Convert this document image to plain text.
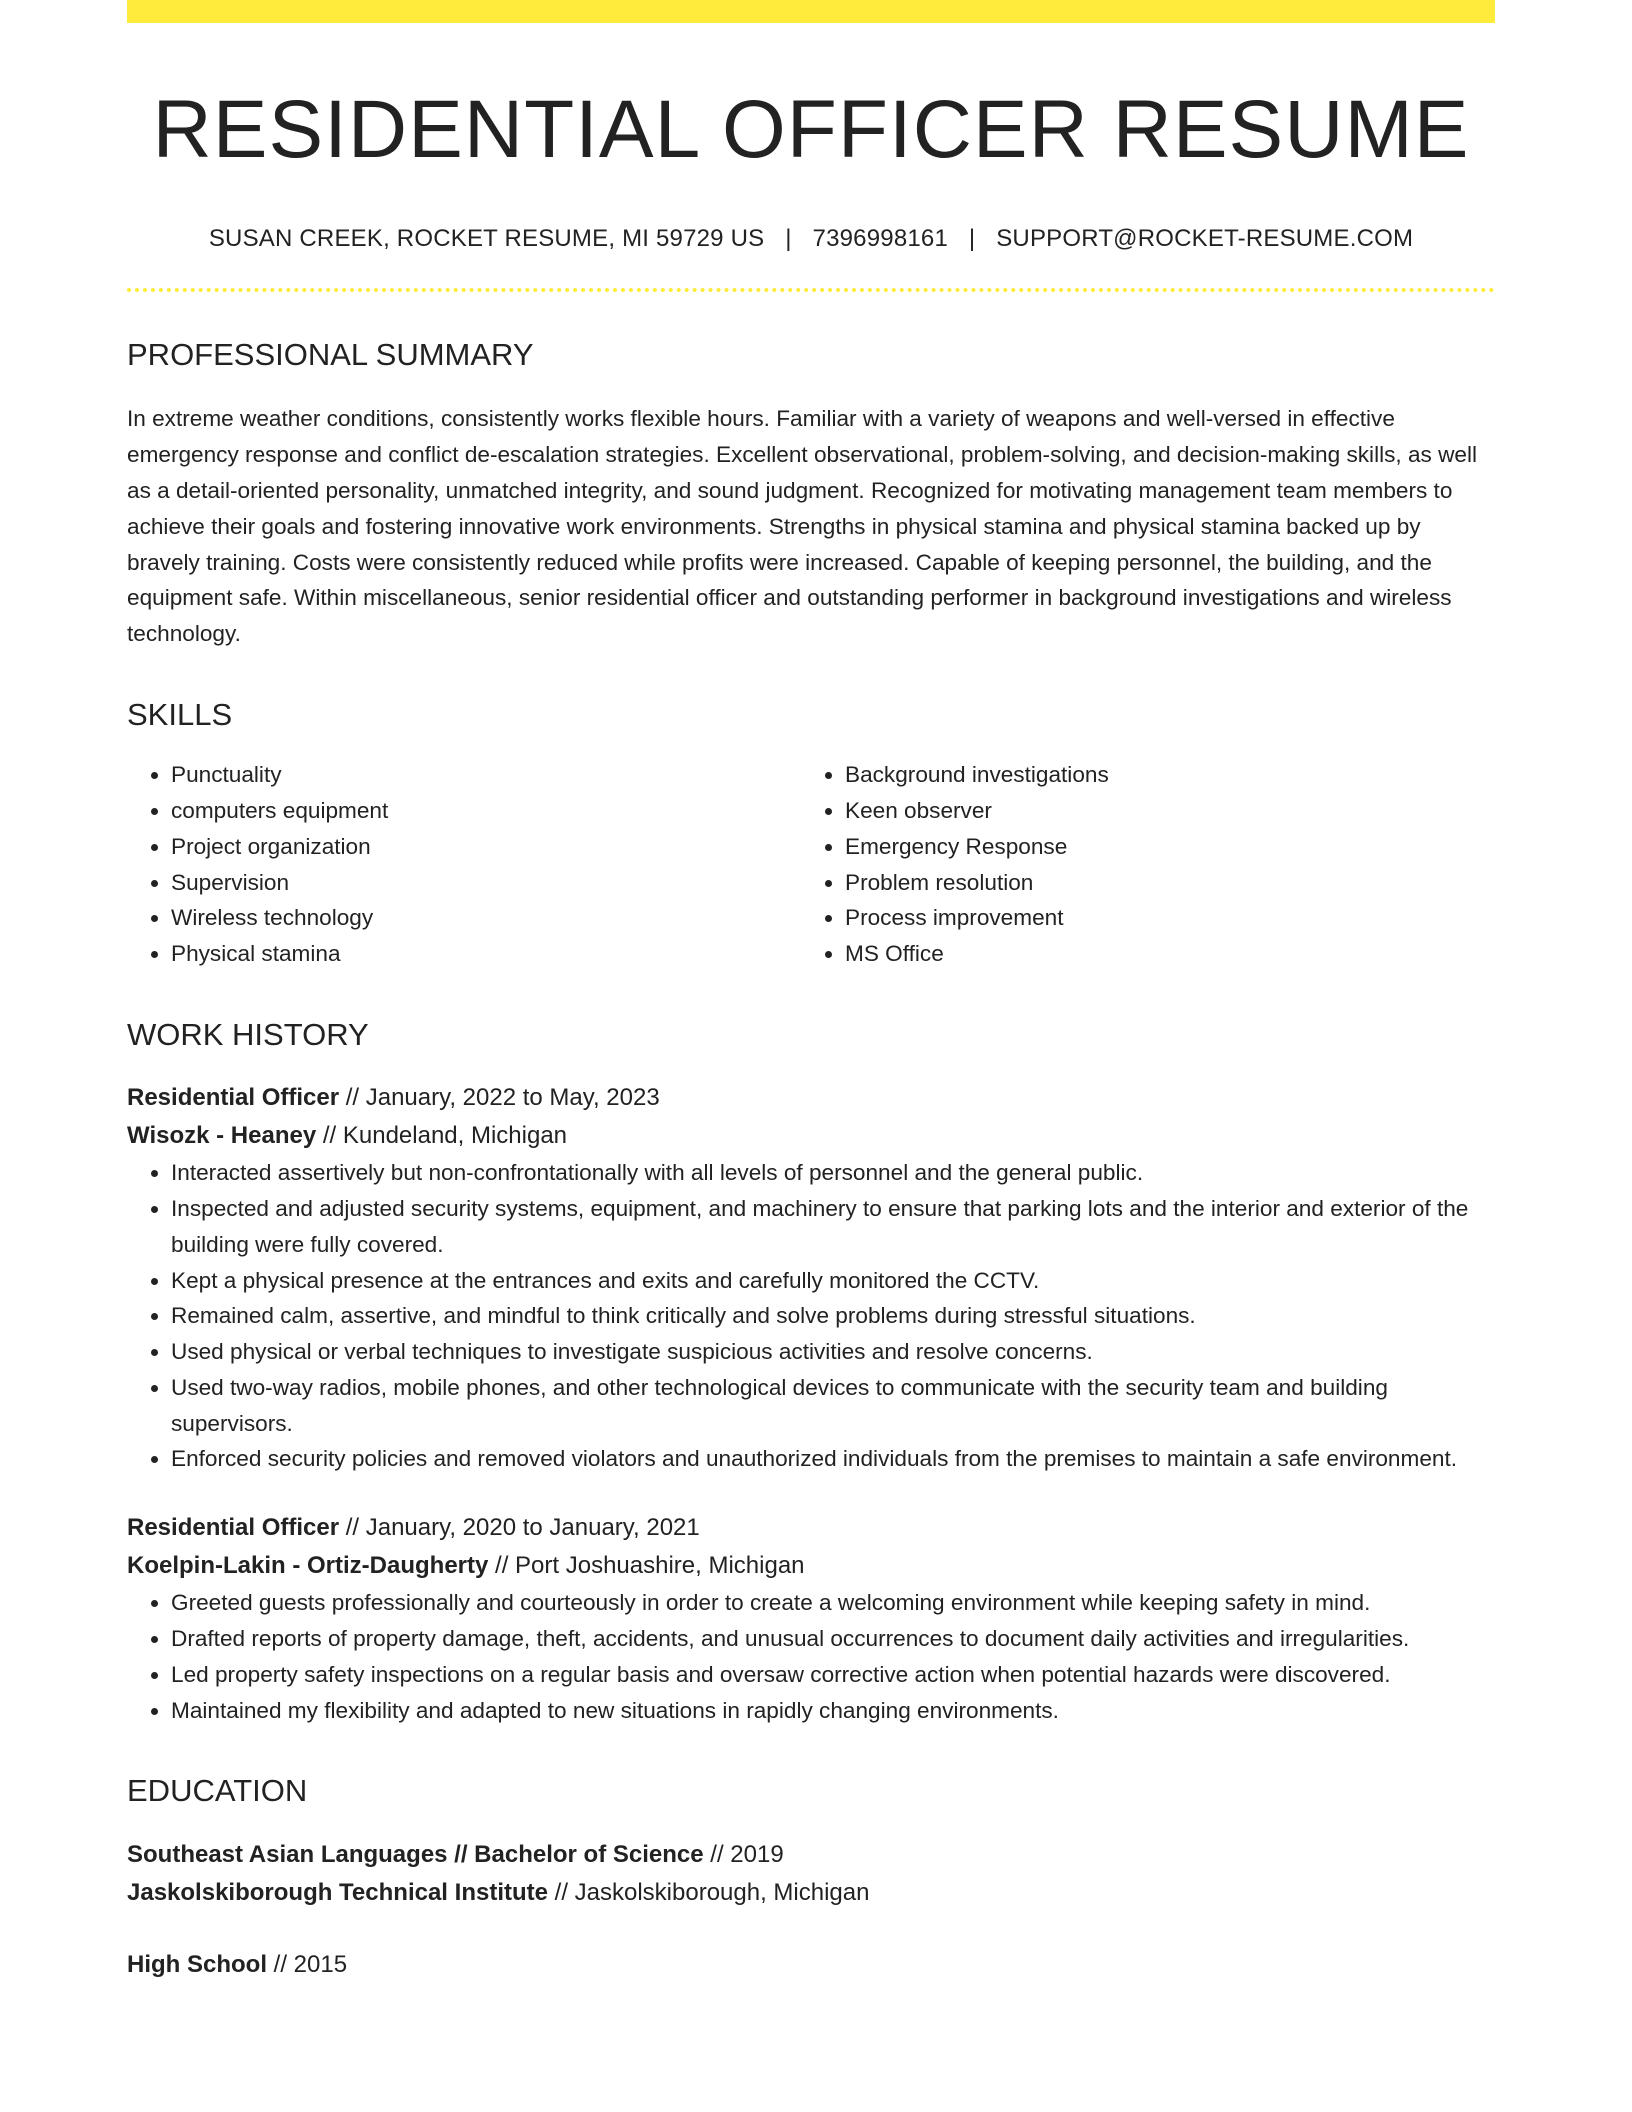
RESIDENTIAL OFFICER RESUME
SUSAN CREEK, ROCKET RESUME, MI 59729 US | 7396998161 | SUPPORT@ROCKET-RESUME.COM
PROFESSIONAL SUMMARY
In extreme weather conditions, consistently works flexible hours. Familiar with a variety of weapons and well-versed in effective emergency response and conflict de-escalation strategies. Excellent observational, problem-solving, and decision-making skills, as well as a detail-oriented personality, unmatched integrity, and sound judgment. Recognized for motivating management team members to achieve their goals and fostering innovative work environments. Strengths in physical stamina and physical stamina backed up by bravely training. Costs were consistently reduced while profits were increased. Capable of keeping personnel, the building, and the equipment safe. Within miscellaneous, senior residential officer and outstanding performer in background investigations and wireless technology.
SKILLS
• Punctuality
• computers equipment
• Project organization
• Supervision
• Wireless technology
• Physical stamina
• Background investigations
• Keen observer
• Emergency Response
• Problem resolution
• Process improvement
• MS Office
WORK HISTORY
Residential Officer // January, 2022 to May, 2023
Wisozk - Heaney // Kundeland, Michigan
• Interacted assertively but non-confrontationally with all levels of personnel and the general public.
• Inspected and adjusted security systems, equipment, and machinery to ensure that parking lots and the interior and exterior of the building were fully covered.
• Kept a physical presence at the entrances and exits and carefully monitored the CCTV.
• Remained calm, assertive, and mindful to think critically and solve problems during stressful situations.
• Used physical or verbal techniques to investigate suspicious activities and resolve concerns.
• Used two-way radios, mobile phones, and other technological devices to communicate with the security team and building supervisors.
• Enforced security policies and removed violators and unauthorized individuals from the premises to maintain a safe environment.
Residential Officer // January, 2020 to January, 2021
Koelpin-Lakin - Ortiz-Daugherty // Port Joshuashire, Michigan
• Greeted guests professionally and courteously in order to create a welcoming environment while keeping safety in mind.
• Drafted reports of property damage, theft, accidents, and unusual occurrences to document daily activities and irregularities.
• Led property safety inspections on a regular basis and oversaw corrective action when potential hazards were discovered.
• Maintained my flexibility and adapted to new situations in rapidly changing environments.
EDUCATION
Southeast Asian Languages // Bachelor of Science // 2019
Jaskolskiborough Technical Institute // Jaskolskiborough, Michigan
High School // 2015
